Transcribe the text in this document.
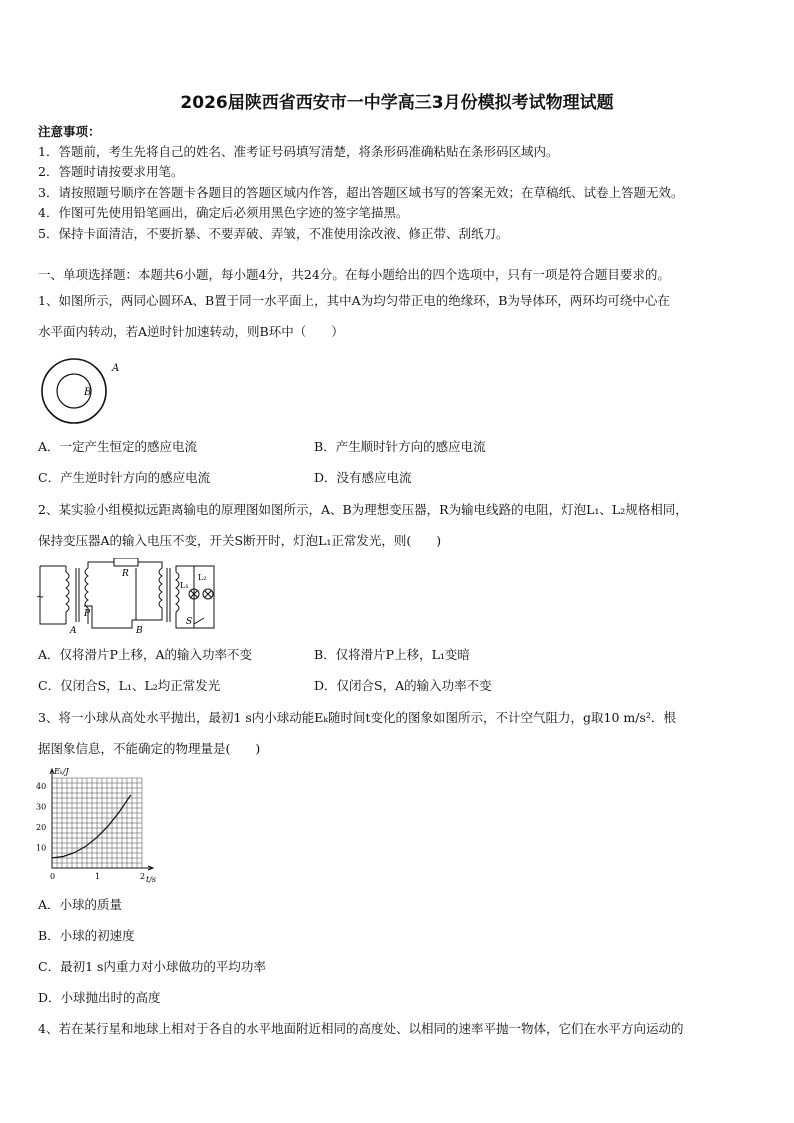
2026届陕西省西安市一中学高三3月份模拟考试物理试题
注意事项：
1．答题前，考生先将自己的姓名、准考证号码填写清楚，将条形码准确粘贴在条形码区域内。
2．答题时请按要求用笔。
3．请按照题号顺序在答题卡各题目的答题区域内作答，超出答题区域书写的答案无效；在草稿纸、试卷上答题无效。
4．作图可先使用铅笔画出，确定后必须用黑色字迹的签字笔描黑。
5．保持卡面清洁，不要折暴、不要弄破、弄皱，不准使用涂改液、修正带、刮纸刀。
一、单项选择题：本题共6小题，每小题4分，共24分。在每小题给出的四个选项中，只有一项是符合题目要求的。
1、如图所示，两同心圆环A、B置于同一水平面上，其中A为均匀带正电的绝缘环，B为导体环，两环均可绕中心在
水平面内转动，若A逆时针加速转动，则B环中（　　）
A
B
A．一定产生恒定的感应电流	B．产生顺时针方向的感应电流
C．产生逆时针方向的感应电流	D．没有感应电流
2、某实验小组模拟远距离输电的原理图如图所示，A、B为理想变压器，R为输电线路的电阻，灯泡L₁、L₂规格相同，
保持变压器A的输入电压不变，开关S断开时，灯泡L₁正常发光，则(　　)
~
R
P
A	B
L₁
L₂
S
A．仅将滑片P上移，A的输入功率不变	B．仅将滑片P上移，L₁变暗
C．仅闭合S，L₁、L₂均正常发光	D．仅闭合S，A的输入功率不变
3、将一小球从高处水平抛出，最初1 s内小球动能Eₖ随时间t变化的图象如图所示，不计空气阻力，g取10 m/s²．根
据图象信息，不能确定的物理量是(　　)
Eₖ/J
t/s
10
20
30
40
0	1	2
A．小球的质量
B．小球的初速度
C．最初1 s内重力对小球做功的平均功率
D．小球抛出时的高度
4、若在某行星和地球上相对于各自的水平地面附近相同的高度处、以相同的速率平抛一物体，它们在水平方向运动的
